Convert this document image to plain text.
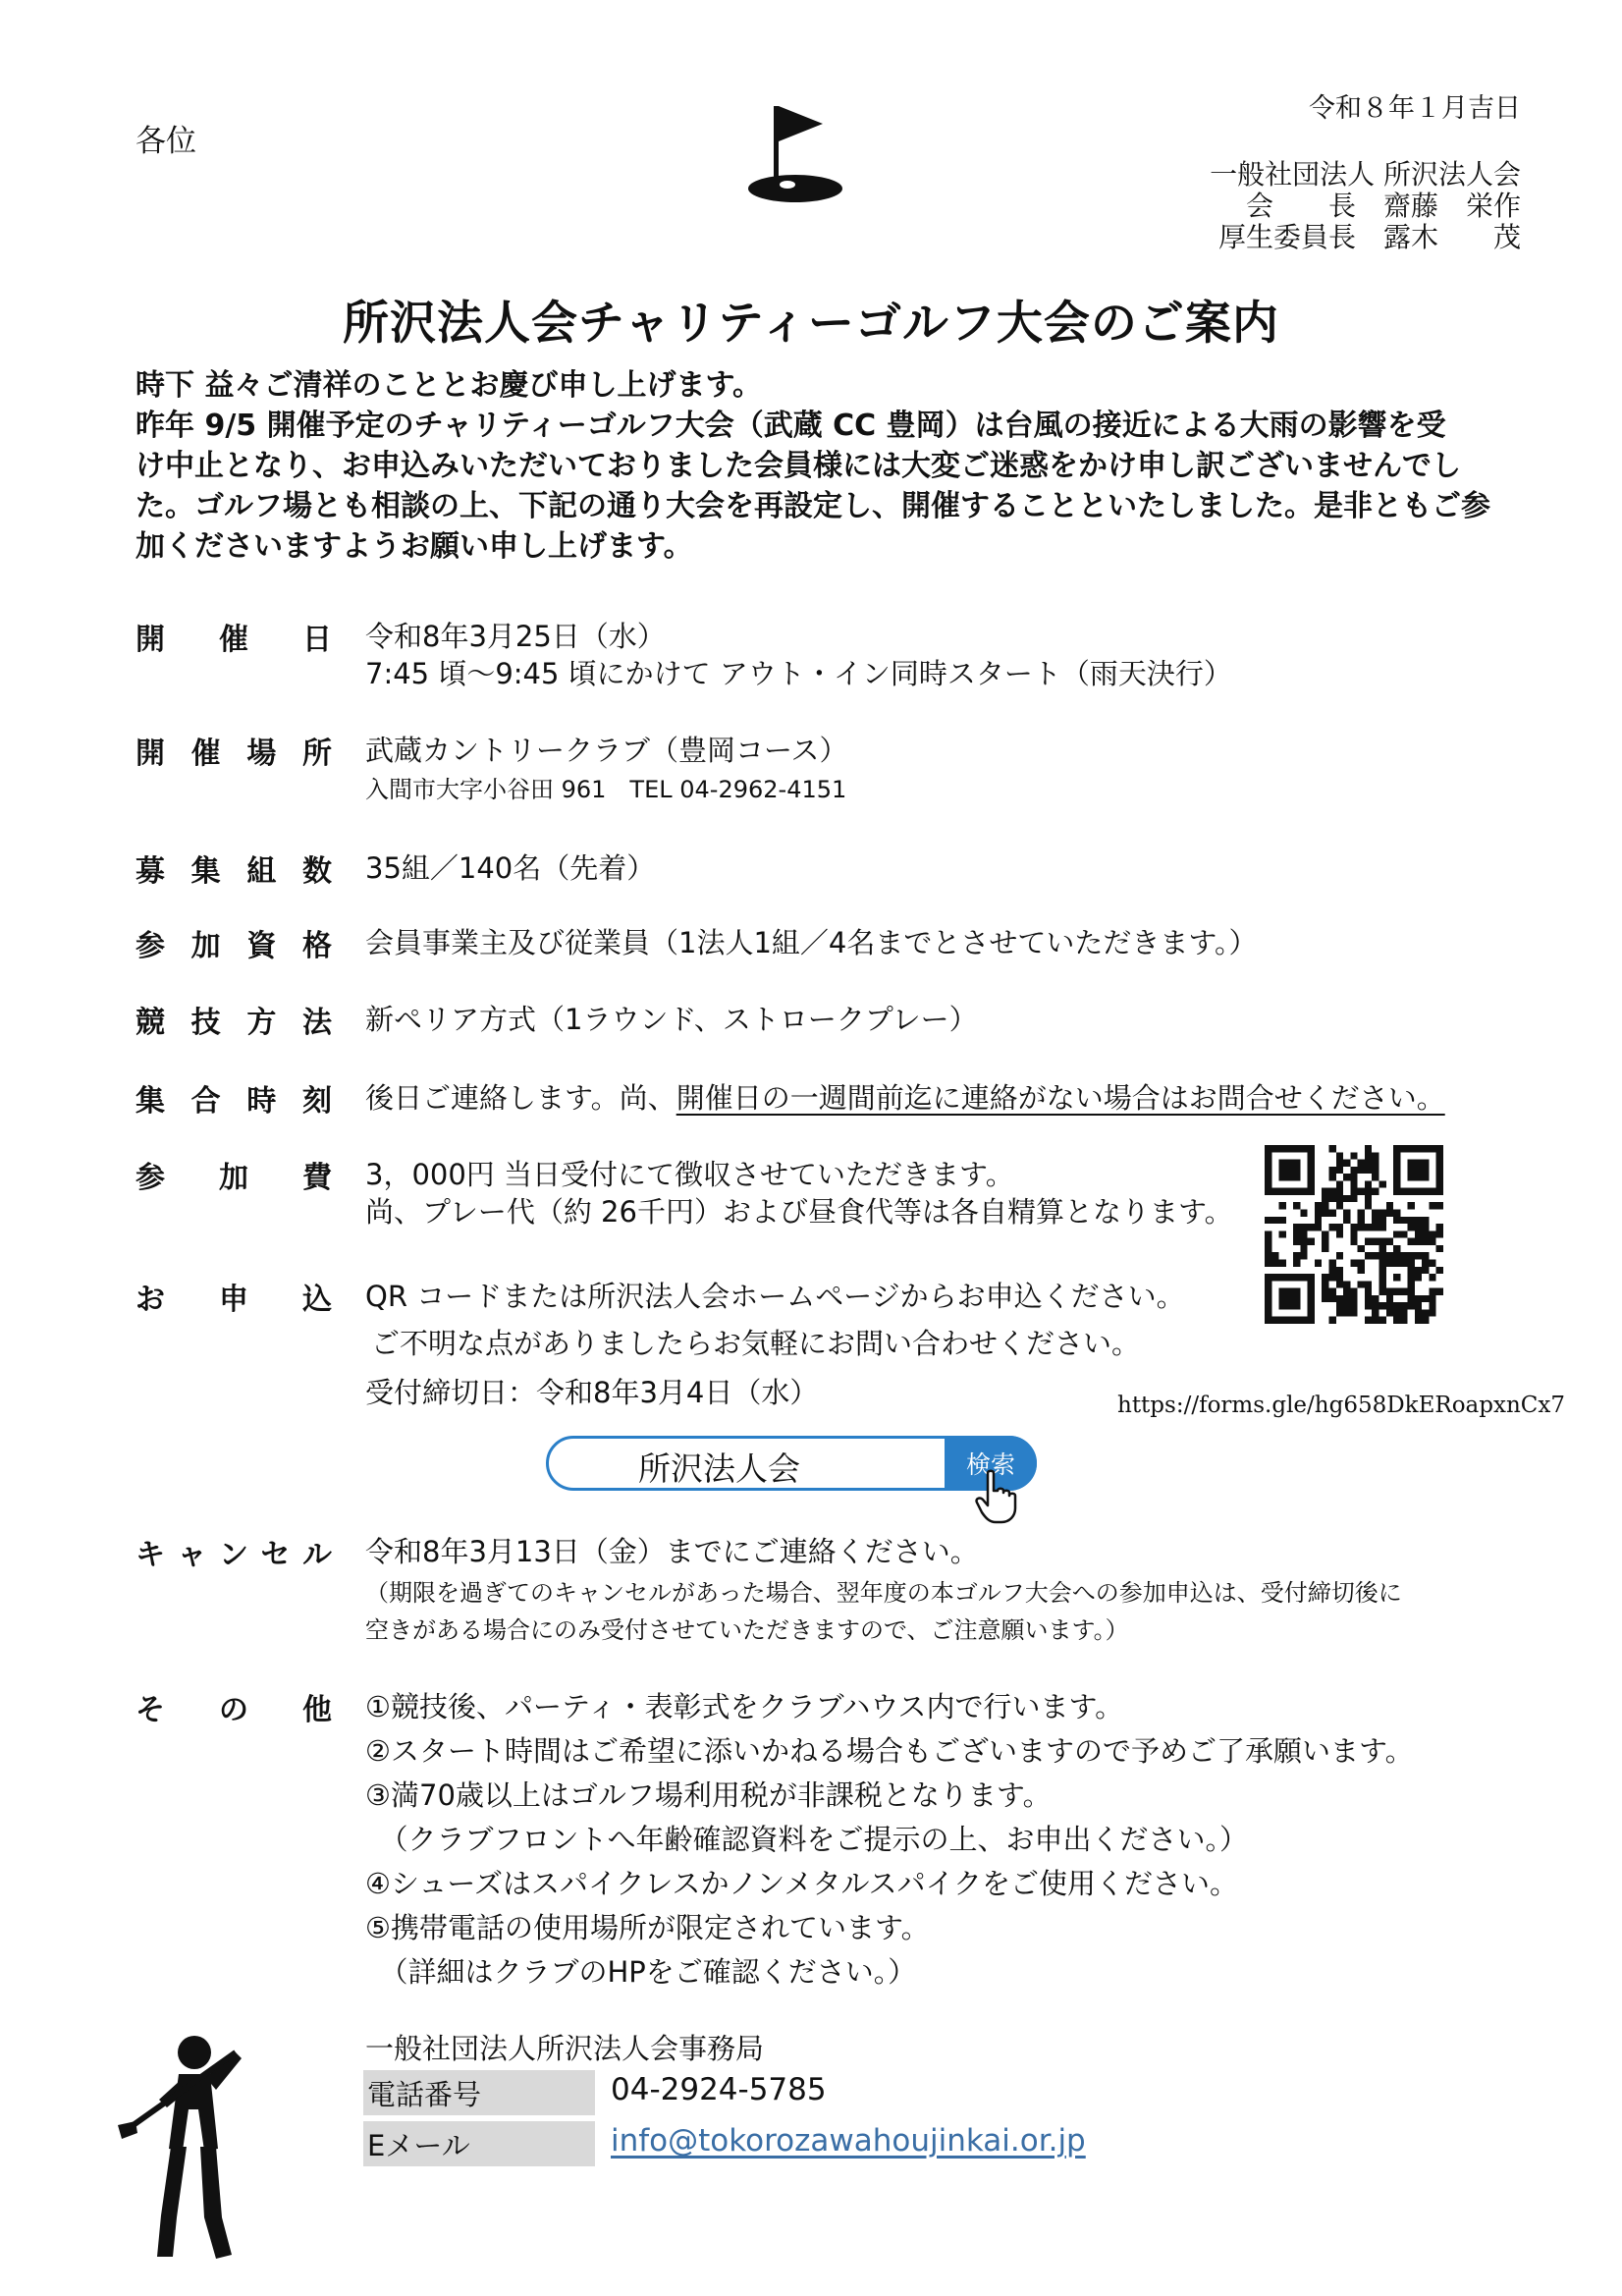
各位
令和８年１月吉日
一般社団法人 所沢法人会
会　　長　齋藤　栄作
厚生委員長　露木　　茂
所沢法人会チャリティーゴルフ大会のご案内
時下 益々ご清祥のこととお慶び申し上げます。
昨年 9/5 開催予定のチャリティーゴルフ大会（武蔵 CC 豊岡）は台風の接近による大雨の影響を受
け中止となり、お申込みいただいておりました会員様には大変ご迷惑をかけ申し訳ございませんでし
た。ゴルフ場とも相談の上、下記の通り大会を再設定し、開催することといたしました。是非ともご参
加くださいますようお願い申し上げます。
開 催 日 令和8年3月25日（水）
7:45 頃～9:45 頃にかけて アウト・イン同時スタート（雨天決行）
開 催 場 所 武蔵カントリークラブ（豊岡コース）
入間市大字小谷田 961　TEL 04-2962-4151
募 集 組 数 35組／140名（先着）
参 加 資 格 会員事業主及び従業員（1法人1組／4名までとさせていただきます。）
競 技 方 法 新ペリア方式（1ラウンド、ストロークプレー）
集 合 時 刻 後日ご連絡します。尚、開催日の一週間前迄に連絡がない場合はお問合せください。
参 加 費 3，000円 当日受付にて徴収させていただきます。
尚、プレー代（約 26千円）および昼食代等は各自精算となります。
お 申 込 QR コードまたは所沢法人会ホームページからお申込ください。
ご不明な点がありましたらお気軽にお問い合わせください。
受付締切日：令和8年3月4日（水）	https://forms.gle/hg658DkERoapxnCx7
所沢法人会	検索
キ ャ ン セ ル 令和8年3月13日（金）までにご連絡ください。
（期限を過ぎてのキャンセルがあった場合、翌年度の本ゴルフ大会への参加申込は、受付締切後に
空きがある場合にのみ受付させていただきますので、ご注意願います。）
そ の 他 ①競技後、パーティ・表彰式をクラブハウス内で行います。
②スタート時間はご希望に添いかねる場合もございますので予めご了承願います。
③満70歳以上はゴルフ場利用税が非課税となります。
　（クラブフロントへ年齢確認資料をご提示の上、お申出ください。）
④シューズはスパイクレスかノンメタルスパイクをご使用ください。
⑤携帯電話の使用場所が限定されています。
　（詳細はクラブのHPをご確認ください。）
一般社団法人所沢法人会事務局
電話番号	04-2924-5785
Eメール	info@tokorozawahoujinkai.or.jp
